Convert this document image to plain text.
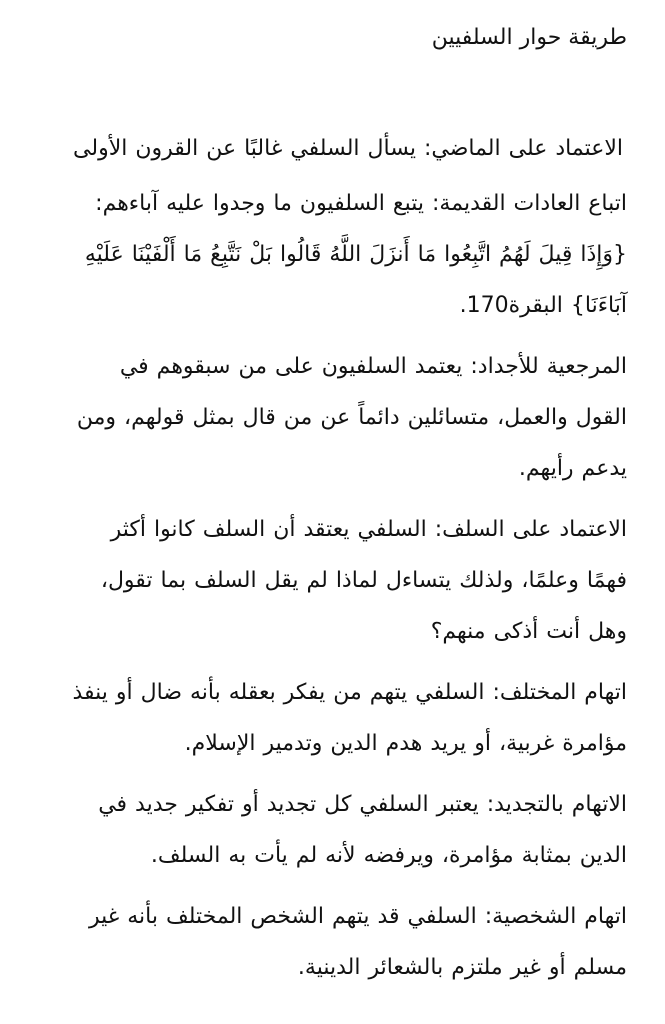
طريقة حوار السلفيين

الاعتماد على الماضي: يسأل السلفي غالبًا عن القرون الأولى

اتباع العادات القديمة: يتبع السلفيون ما وجدوا عليه آباءهم: {وَإِذَا قِيلَ لَهُمُ اتَّبِعُوا مَا أَنزَلَ اللَّهُ قَالُوا بَلْ نَتَّبِعُ مَا أَلْفَيْنَا عَلَيْهِ آبَاءَنَا} البقرة170.

المرجعية للأجداد: يعتمد السلفيون على من سبقوهم في القول والعمل، متسائلين دائماً عن من قال بمثل قولهم، ومن يدعم رأيهم.

الاعتماد على السلف: السلفي يعتقد أن السلف كانوا أكثر فهمًا وعلمًا، ولذلك يتساءل لماذا لم يقل السلف بما تقول، وهل أنت أذكى منهم؟

اتهام المختلف: السلفي يتهم من يفكر بعقله بأنه ضال أو ينفذ مؤامرة غربية، أو يريد هدم الدين وتدمير الإسلام.

الاتهام بالتجديد: يعتبر السلفي كل تجديد أو تفكير جديد في الدين بمثابة مؤامرة، ويرفضه لأنه لم يأت به السلف.

اتهام الشخصية: السلفي قد يتهم الشخص المختلف بأنه غير مسلم أو غير ملتزم بالشعائر الدينية.
